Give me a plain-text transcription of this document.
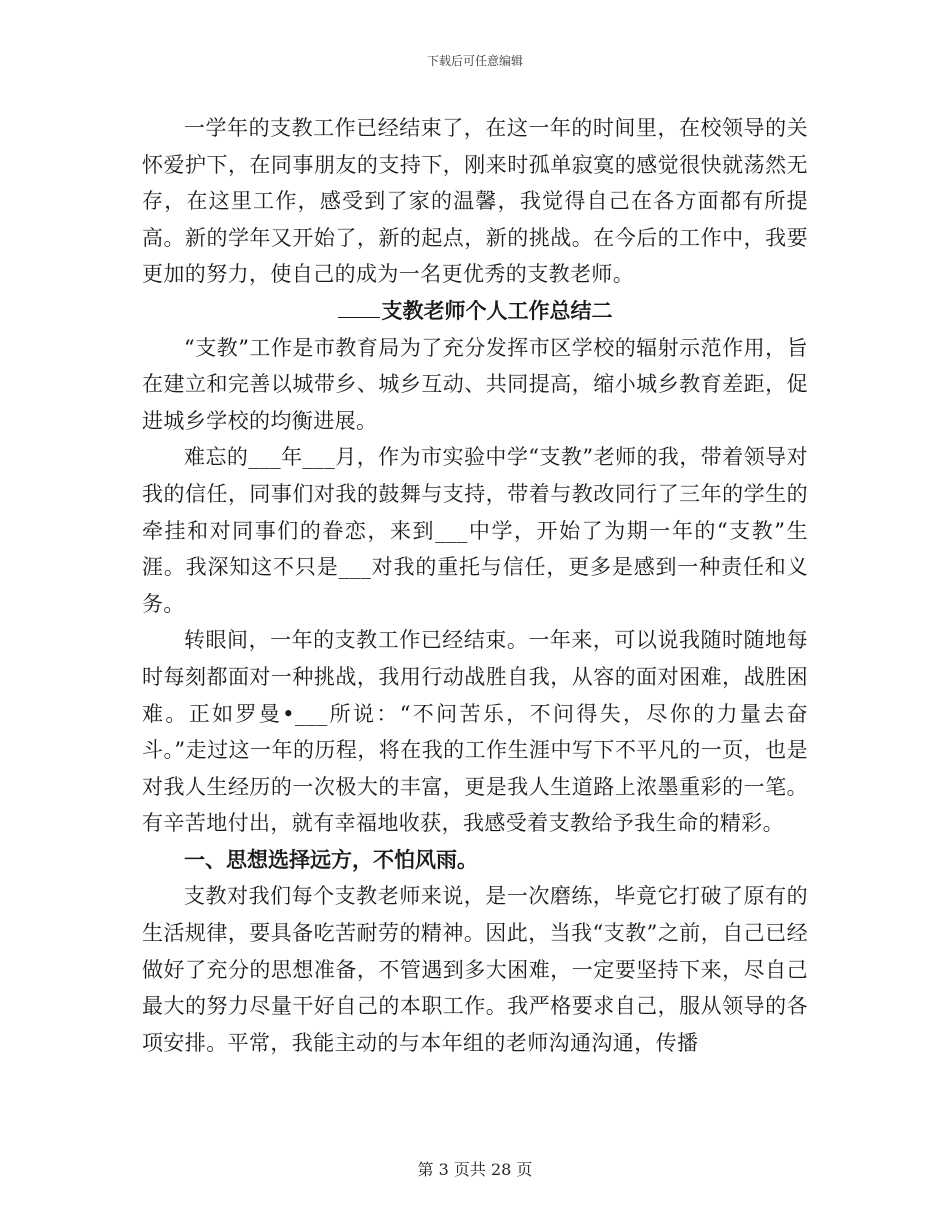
下载后可任意编辑

一学年的支教工作已经结束了，在这一年的时间里，在校领导的关怀爱护下，在同事朋友的支持下，刚来时孤单寂寞的感觉很快就荡然无存，在这里工作，感受到了家的温馨，我觉得自己在各方面都有所提高。新的学年又开始了，新的起点，新的挑战。在今后的工作中，我要更加的努力，使自己的成为一名更优秀的支教老师。

支教老师个人工作总结二

“支教”工作是市教育局为了充分发挥市区学校的辐射示范作用，旨在建立和完善以城带乡、城乡互动、共同提高，缩小城乡教育差距，促进城乡学校的均衡进展。

难忘的___年___月，作为市实验中学“支教”老师的我，带着领导对我的信任，同事们对我的鼓舞与支持，带着与教改同行了三年的学生的牵挂和对同事们的眷恋，来到___中学，开始了为期一年的“支教”生涯。我深知这不只是___对我的重托与信任，更多是感到一种责任和义务。

转眼间，一年的支教工作已经结束。一年来，可以说我随时随地每时每刻都面对一种挑战，我用行动战胜自我，从容的面对困难，战胜困难。正如罗曼•___所说：“不问苦乐，不问得失，尽你的力量去奋斗。”走过这一年的历程，将在我的工作生涯中写下不平凡的一页，也是对我人生经历的一次极大的丰富，更是我人生道路上浓墨重彩的一笔。有辛苦地付出，就有幸福地收获，我感受着支教给予我生命的精彩。

一、思想选择远方，不怕风雨。

支教对我们每个支教老师来说，是一次磨练，毕竟它打破了原有的生活规律，要具备吃苦耐劳的精神。因此，当我“支教”之前，自己已经做好了充分的思想准备，不管遇到多大困难，一定要坚持下来，尽自己最大的努力尽量干好自己的本职工作。我严格要求自己，服从领导的各项安排。平常，我能主动的与本年组的老师沟通沟通，传播

第 3 页共 28 页
